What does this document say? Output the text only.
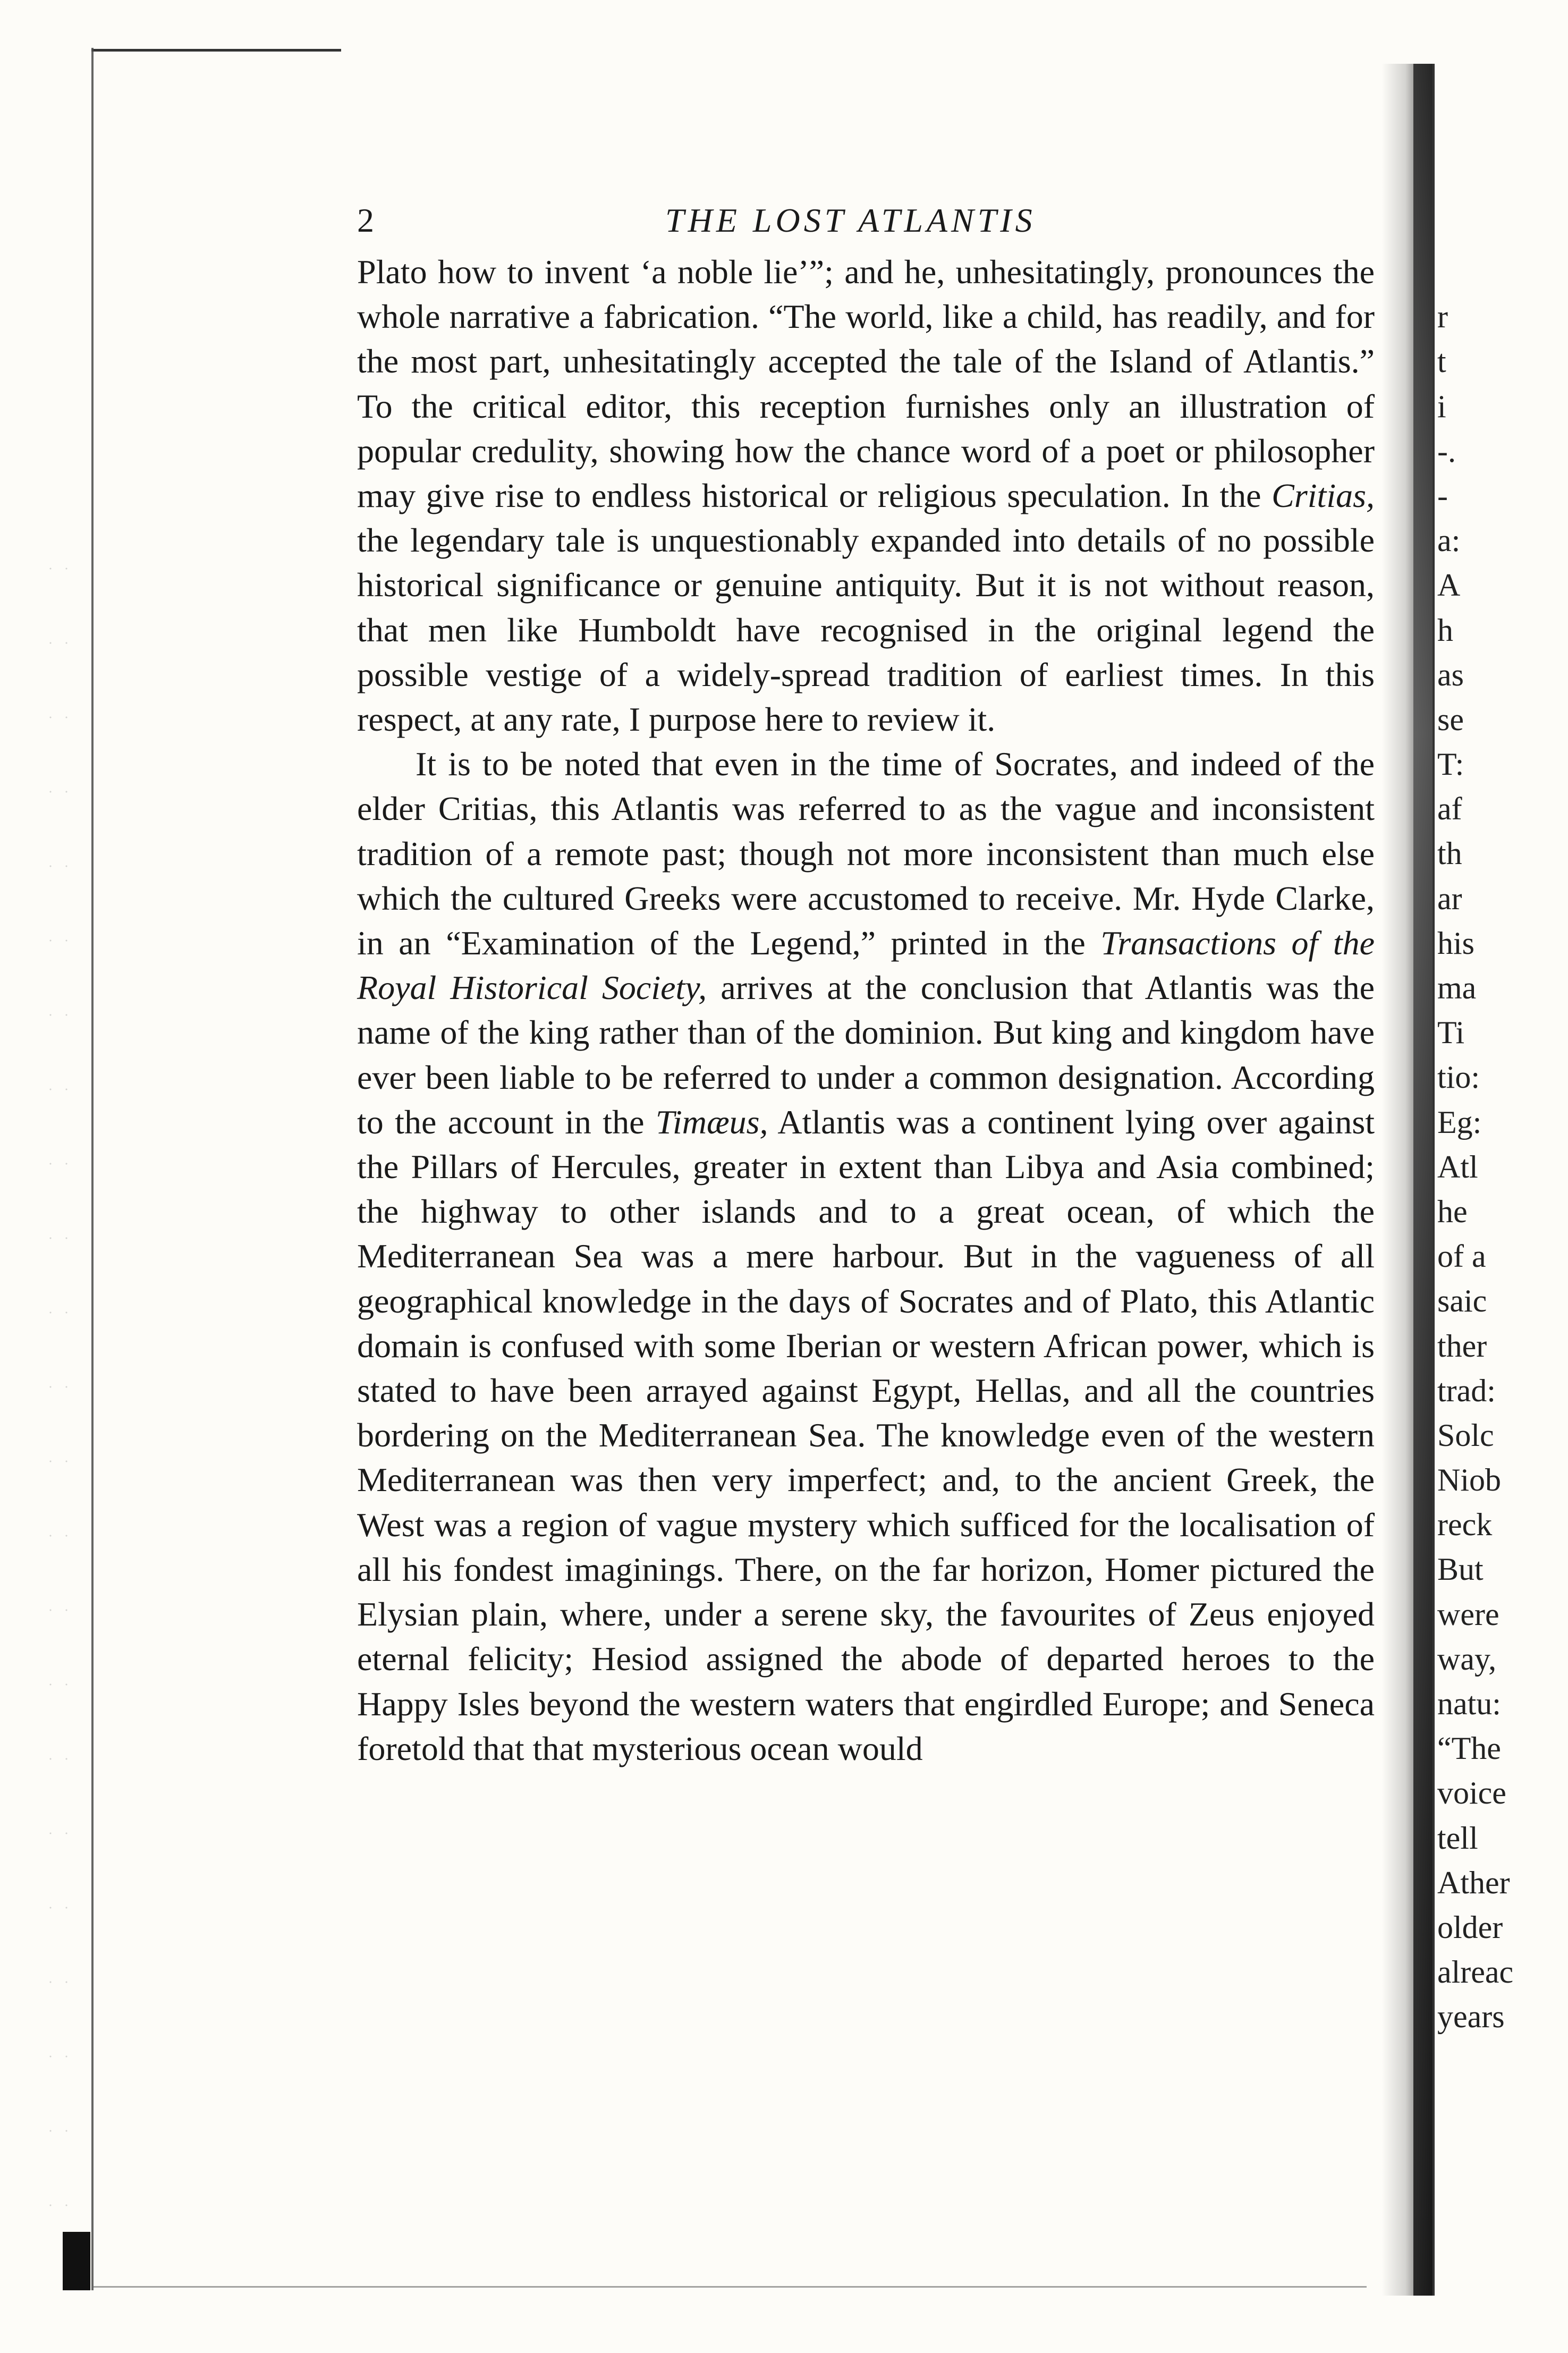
2	THE LOST ATLANTIS

Plato how to invent ‘a noble lie’”; and he, unhesitatingly, pronounces the whole narrative a fabrication. “The world, like a child, has readily, and for the most part, unhesitatingly accepted the tale of the Island of Atlantis.” To the critical editor, this reception furnishes only an illustration of popular credulity, showing how the chance word of a poet or philosopher may give rise to endless historical or religious speculation. In the Critias, the legendary tale is unquestionably expanded into details of no possible historical significance or genuine antiquity. But it is not without reason, that men like Humboldt have recognised in the original legend the possible vestige of a widely-spread tradition of earliest times. In this respect, at any rate, I purpose here to review it.

It is to be noted that even in the time of Socrates, and indeed of the elder Critias, this Atlantis was referred to as the vague and inconsistent tradition of a remote past; though not more inconsistent than much else which the cultured Greeks were accustomed to receive. Mr. Hyde Clarke, in an “Examination of the Legend,” printed in the Transactions of the Royal Historical Society, arrives at the conclusion that Atlantis was the name of the king rather than of the dominion. But king and kingdom have ever been liable to be referred to under a common designation. According to the account in the Timæus, Atlantis was a continent lying over against the Pillars of Hercules, greater in extent than Libya and Asia combined; the highway to other islands and to a great ocean, of which the Mediterranean Sea was a mere harbour. But in the vagueness of all geographical knowledge in the days of Socrates and of Plato, this Atlantic domain is confused with some Iberian or western African power, which is stated to have been arrayed against Egypt, Hellas, and all the countries bordering on the Mediterranean Sea. The knowledge even of the western Mediterranean was then very imperfect; and, to the ancient Greek, the West was a region of vague mystery which sufficed for the localisation of all his fondest imaginings. There, on the far horizon, Homer pictured the Elysian plain, where, under a serene sky, the favourites of Zeus enjoyed eternal felicity; Hesiod assigned the abode of departed heroes to the Happy Isles beyond the western waters that engirdled Europe; and Seneca foretold that that mysterious ocean would

r
t
i
-.
-
a:
A
h
as
se
T:
af
th
ar
his
ma
Ti
tio:
Eg:
Atl
he
of a
saic
ther
trad:
Solc
Niob
reck
But
were
way,
natu:
“The
voice
tell
Ather
older
alreac
years
